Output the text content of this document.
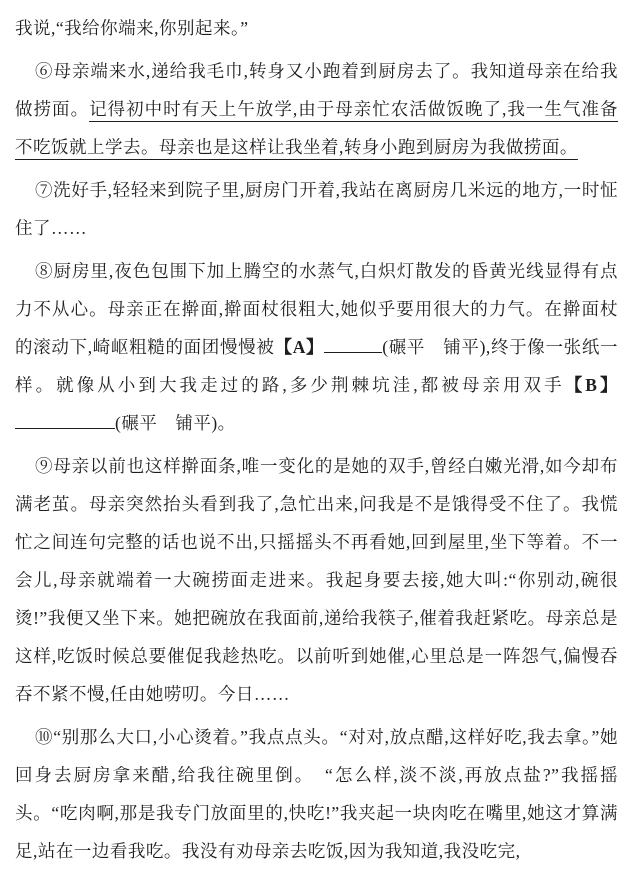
我说,“我给你端来,你别起来。”

⑥母亲端来水,递给我毛巾,转身又小跑着到厨房去了。我知道母亲在给我做捞面。记得初中时有天上午放学,由于母亲忙农活做饭晚了,我一生气准备不吃饭就上学去。母亲也是这样让我坐着,转身小跑到厨房为我做捞面。

⑦洗好手,轻轻来到院子里,厨房门开着,我站在离厨房几米远的地方,一时怔住了……

⑧厨房里,夜色包围下加上腾空的水蒸气,白炽灯散发的昏黄光线显得有点力不从心。母亲正在擀面,擀面杖很粗大,她似乎要用很大的力气。在擀面杖的滚动下,崎岖粗糙的面团慢慢被【A】	(碾平　铺平),终于像一张纸一样。就像从小到大我走过的路,多少荆棘坑洼,都被母亲用双手【B】(碾平　铺平)。

⑨母亲以前也这样擀面条,唯一变化的是她的双手,曾经白嫩光滑,如今却布满老茧。母亲突然抬头看到我了,急忙出来,问我是不是饿得受不住了。我慌忙之间连句完整的话也说不出,只摇摇头不再看她,回到屋里,坐下等着。不一会儿,母亲就端着一大碗捞面走进来。我起身要去接,她大叫:“你别动,碗很烫!”我便又坐下来。她把碗放在我面前,递给我筷子,催着我赶紧吃。母亲总是这样,吃饭时候总要催促我趁热吃。以前听到她催,心里总是一阵怨气,偏慢吞吞不紧不慢,任由她唠叨。今日……

⑩“别那么大口,小心烫着。”我点点头。“对对,放点醋,这样好吃,我去拿。”她回身去厨房拿来醋,给我往碗里倒。　“怎么样,淡不淡,再放点盐?”我摇摇头。“吃肉啊,那是我专门放面里的,快吃!”我夹起一块肉吃在嘴里,她这才算满足,站在一边看我吃。我没有劝母亲去吃饭,因为我知道,我没吃完,
